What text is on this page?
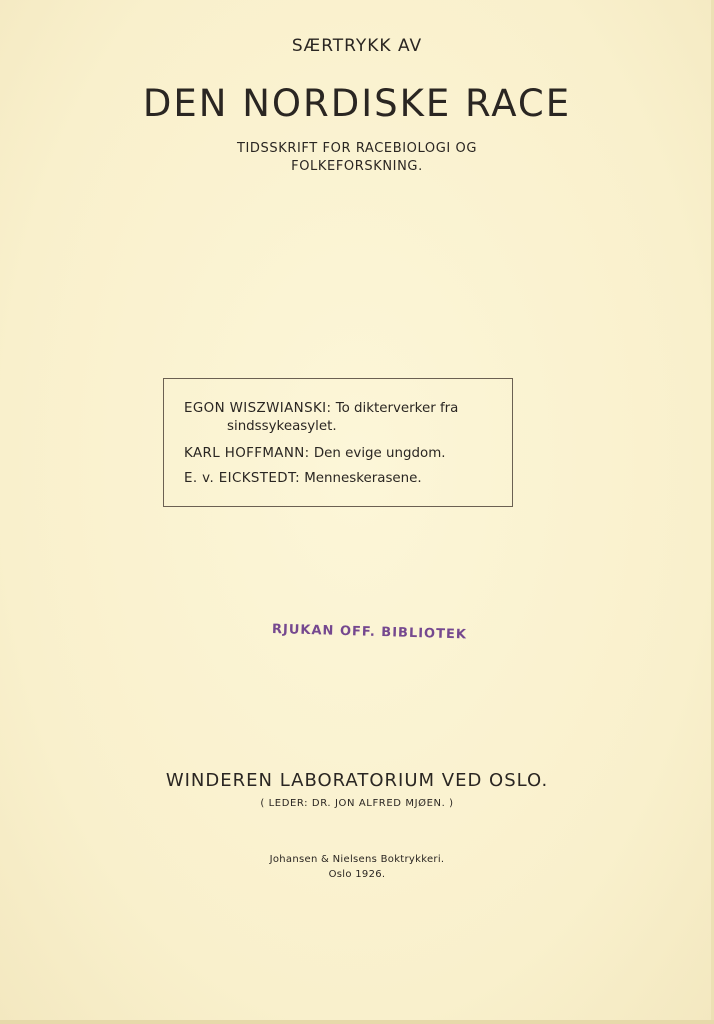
SÆRTRYKK AV
DEN NORDISKE RACE
TIDSSKRIFT FOR RACEBIOLOGI OG
FOLKEFORSKNING.
EGON WISZWIANSKI: To dikterverker fra
sindssykeasylet.
KARL HOFFMANN: Den evige ungdom.
E. v. EICKSTEDT: Menneskerasene.
RJUKAN OFF. BIBLIOTEK
WINDEREN LABORATORIUM VED OSLO.
( LEDER: DR. JON ALFRED MJØEN. )
Johansen & Nielsens Boktrykkeri.
Oslo 1926.
